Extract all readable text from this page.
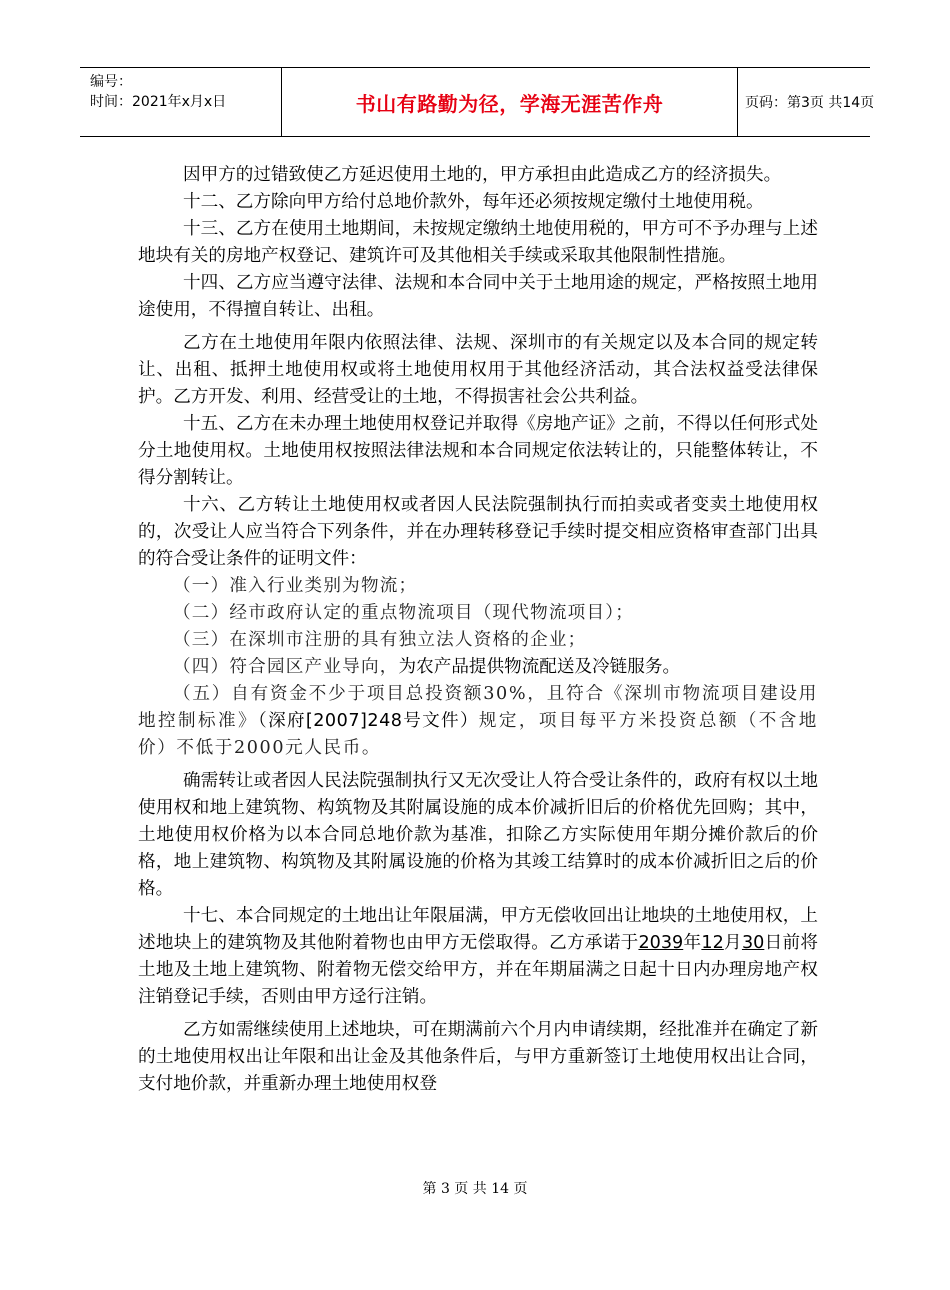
编号：
时间：2021年x月x日	书山有路勤为径，学海无涯苦作舟	页码：第3页 共14页

因甲方的过错致使乙方延迟使用土地的，甲方承担由此造成乙方的经济损失。

十二、乙方除向甲方给付总地价款外，每年还必须按规定缴付土地使用税。

十三、乙方在使用土地期间，未按规定缴纳土地使用税的，甲方可不予办理与上述地块有关的房地产权登记、建筑许可及其他相关手续或采取其他限制性措施。

十四、乙方应当遵守法律、法规和本合同中关于土地用途的规定，严格按照土地用途使用，不得擅自转让、出租。

乙方在土地使用年限内依照法律、法规、深圳市的有关规定以及本合同的规定转让、出租、抵押土地使用权或将土地使用权用于其他经济活动，其合法权益受法律保护。乙方开发、利用、经营受让的土地，不得损害社会公共利益。

十五、乙方在未办理土地使用权登记并取得《房地产证》之前，不得以任何形式处分土地使用权。土地使用权按照法律法规和本合同规定依法转让的，只能整体转让，不得分割转让。

十六、乙方转让土地使用权或者因人民法院强制执行而拍卖或者变卖土地使用权的，次受让人应当符合下列条件，并在办理转移登记手续时提交相应资格审查部门出具的符合受让条件的证明文件：

（一）准入行业类别为物流；

（二）经市政府认定的重点物流项目（现代物流项目）；

（三）在深圳市注册的具有独立法人资格的企业；

（四）符合园区产业导向，为农产品提供物流配送及冷链服务。

（五）自有资金不少于项目总投资额30%，且符合《深圳市物流项目建设用地控制标准》（深府[2007]248号文件）规定，项目每平方米投资总额（不含地价）不低于2000元人民币。

确需转让或者因人民法院强制执行又无次受让人符合受让条件的，政府有权以土地使用权和地上建筑物、构筑物及其附属设施的成本价减折旧后的价格优先回购；其中，土地使用权价格为以本合同总地价款为基准，扣除乙方实际使用年期分摊价款后的价格，地上建筑物、构筑物及其附属设施的价格为其竣工结算时的成本价减折旧之后的价格。

十七、本合同规定的土地出让年限届满，甲方无偿收回出让地块的土地使用权，上述地块上的建筑物及其他附着物也由甲方无偿取得。乙方承诺于2039年12月30日前将土地及土地上建筑物、附着物无偿交给甲方，并在年期届满之日起十日内办理房地产权注销登记手续，否则由甲方迳行注销。

乙方如需继续使用上述地块，可在期满前六个月内申请续期，经批准并在确定了新的土地使用权出让年限和出让金及其他条件后，与甲方重新签订土地使用权出让合同，支付地价款，并重新办理土地使用权登

第 3 页 共 14 页
